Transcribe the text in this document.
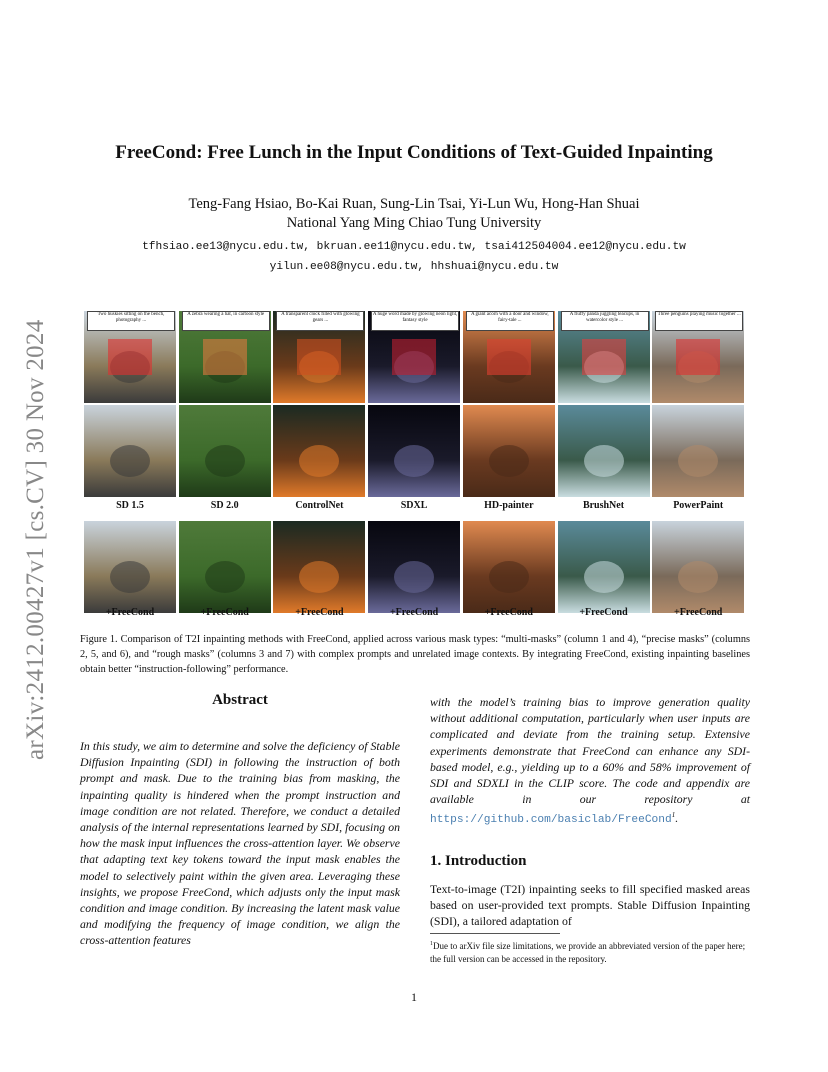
arXiv:2412.00427v1 [cs.CV] 30 Nov 2024
FreeCond: Free Lunch in the Input Conditions of Text-Guided Inpainting
Teng-Fang Hsiao, Bo-Kai Ruan, Sung-Lin Tsai, Yi-Lun Wu, Hong-Han Shuai
National Yang Ming Chiao Tung University
tfhsiao.ee13@nycu.edu.tw, bkruan.ee11@nycu.edu.tw, tsai412504004.ee12@nycu.edu.tw
yilun.ee08@nycu.edu.tw, hhshuai@nycu.edu.tw
Two huskies sitting on the bench, photography ...
SD 1.5
+FreeCond
A zebra wearing a hat, in cartoon style
SD 2.0
+FreeCond
A transparent clock filled with glowing gears ...
ControlNet
+FreeCond
A huge word made by glowing neon light, fantasy style
SDXL
+FreeCond
A giant acorn with a door and window, fairy-tale ...
HD-painter
+FreeCond
A fluffy panda juggling teacups, in watercolor style ...
BrushNet
+FreeCond
Three penguins playing music together ...
PowerPaint
+FreeCond
Figure 1. Comparison of T2I inpainting methods with FreeCond, applied across various mask types: “multi-masks” (column 1 and 4), “precise masks” (columns 2, 5, and 6), and “rough masks” (columns 3 and 7) with complex prompts and unrelated image contexts. By integrating FreeCond, existing inpainting baselines obtain better “instruction-following” performance.
Abstract
In this study, we aim to determine and solve the deficiency of Stable Diffusion Inpainting (SDI) in following the instruction of both prompt and mask. Due to the training bias from masking, the inpainting quality is hindered when the prompt instruction and image condition are not related. Therefore, we conduct a detailed analysis of the internal representations learned by SDI, focusing on how the mask input influences the cross-attention layer. We observe that adapting text key tokens toward the input mask enables the model to selectively paint within the given area. Leveraging these insights, we propose FreeCond, which adjusts only the input mask condition and image condition. By increasing the latent mask value and modifying the frequency of image condition, we align the cross-attention features
with the model’s training bias to improve generation quality without additional computation, particularly when user inputs are complicated and deviate from the training setup. Extensive experiments demonstrate that FreeCond can enhance any SDI-based model, e.g., yielding up to a 60% and 58% improvement of SDI and SDXLI in the CLIP score. The code and appendix are available in our repository at https://github.com/basiclab/FreeCond$^1$.
1. Introduction
Text-to-image (T2I) inpainting seeks to fill specified masked areas based on user-provided text prompts. Stable Diffusion Inpainting (SDI), a tailored adaptation of
$^1$Due to arXiv file size limitations, we provide an abbreviated version of the paper here; the full version can be accessed in the repository.
1
